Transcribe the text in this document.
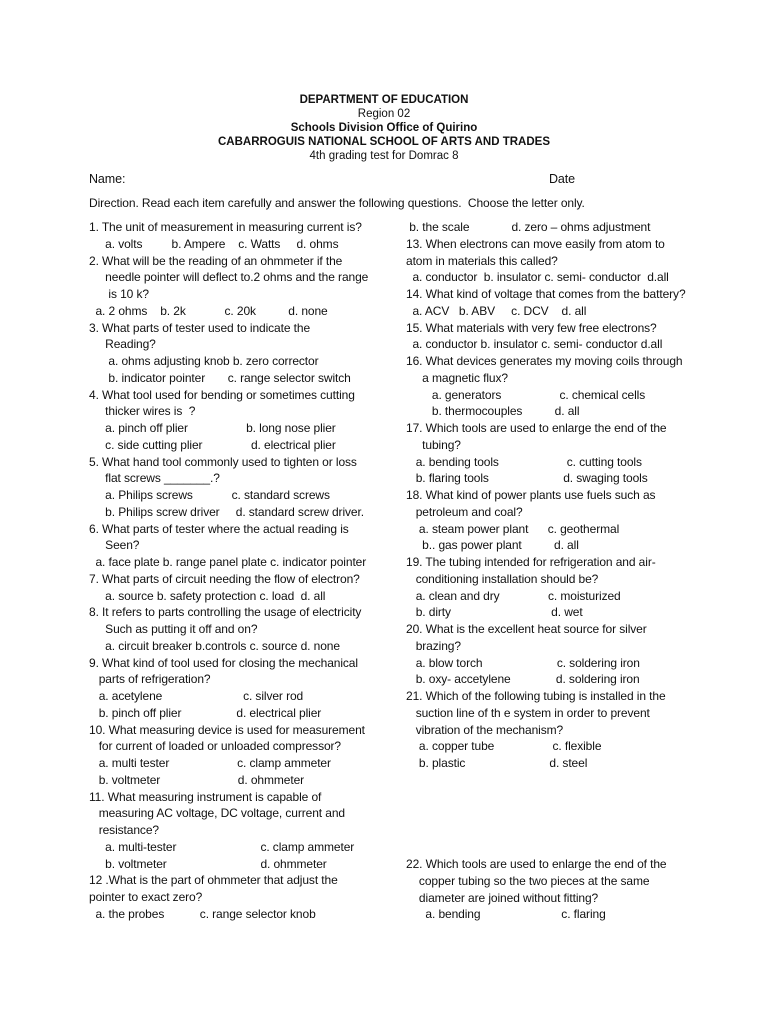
DEPARTMENT OF EDUCATION
Region 02
Schools Division Office of Quirino
CABARROGUIS NATIONAL SCHOOL OF ARTS AND TRADES
4th grading test for Domrac 8
Name:	Date
Direction. Read each item carefully and answer the following questions.  Choose the letter only.
1. The unit of measurement in measuring current is?
a. volts         b. Ampere    c. Watts     d. ohms
2. What will be the reading of an ohmmeter if the
needle pointer will deflect to.2 ohms and the range
is 10 k?
a. 2 ohms    b. 2k            c. 20k          d. none
3. What parts of tester used to indicate the
Reading?
a. ohms adjusting knob b. zero corrector
b. indicator pointer       c. range selector switch
4. What tool used for bending or sometimes cutting
thicker wires is  ?
a. pinch off plier                  b. long nose plier
c. side cutting plier               d. electrical plier
5. What hand tool commonly used to tighten or loss
flat screws _______.?
a. Philips screws            c. standard screws
b. Philips screw driver     d. standard screw driver.
6. What parts of tester where the actual reading is
Seen?
a. face plate b. range panel plate c. indicator pointer
7. What parts of circuit needing the flow of electron?
a. source b. safety protection c. load  d. all
8. It refers to parts controlling the usage of electricity
Such as putting it off and on?
a. circuit breaker b.controls c. source d. none
9. What kind of tool used for closing the mechanical
parts of refrigeration?
a. acetylene                         c. silver rod
b. pinch off plier                 d. electrical plier
10. What measuring device is used for measurement
for current of loaded or unloaded compressor?
a. multi tester                     c. clamp ammeter
b. voltmeter                        d. ohmmeter
11. What measuring instrument is capable of
measuring AC voltage, DC voltage, current and
resistance?
a. multi-tester                          c. clamp ammeter
b. voltmeter                             d. ohmmeter
12 .What is the part of ohmmeter that adjust the
pointer to exact zero?
a. the probes           c. range selector knob
b. the scale             d. zero – ohms adjustment
13. When electrons can move easily from atom to
atom in materials this called?
a. conductor  b. insulator c. semi- conductor  d.all
14. What kind of voltage that comes from the battery?
a. ACV   b. ABV     c. DCV    d. all
15. What materials with very few free electrons?
a. conductor b. insulator c. semi- conductor d.all
16. What devices generates my moving coils through
a magnetic flux?
a. generators                  c. chemical cells
b. thermocouples          d. all
17. Which tools are used to enlarge the end of the
tubing?
a. bending tools                     c. cutting tools
b. flaring tools                       d. swaging tools
18. What kind of power plants use fuels such as
petroleum and coal?
a. steam power plant      c. geothermal
b.. gas power plant          d. all
19. The tubing intended for refrigeration and air-
conditioning installation should be?
a. clean and dry               c. moisturized
b. dirty                               d. wet
20. What is the excellent heat source for silver
brazing?
a. blow torch                       c. soldering iron
b. oxy- accetylene              d. soldering iron
21. Which of the following tubing is installed in the
suction line of th e system in order to prevent
vibration of the mechanism?
a. copper tube                  c. flexible
b. plastic                          d. steel
22. Which tools are used to enlarge the end of the
copper tubing so the two pieces at the same
diameter are joined without fitting?
a. bending                         c. flaring
